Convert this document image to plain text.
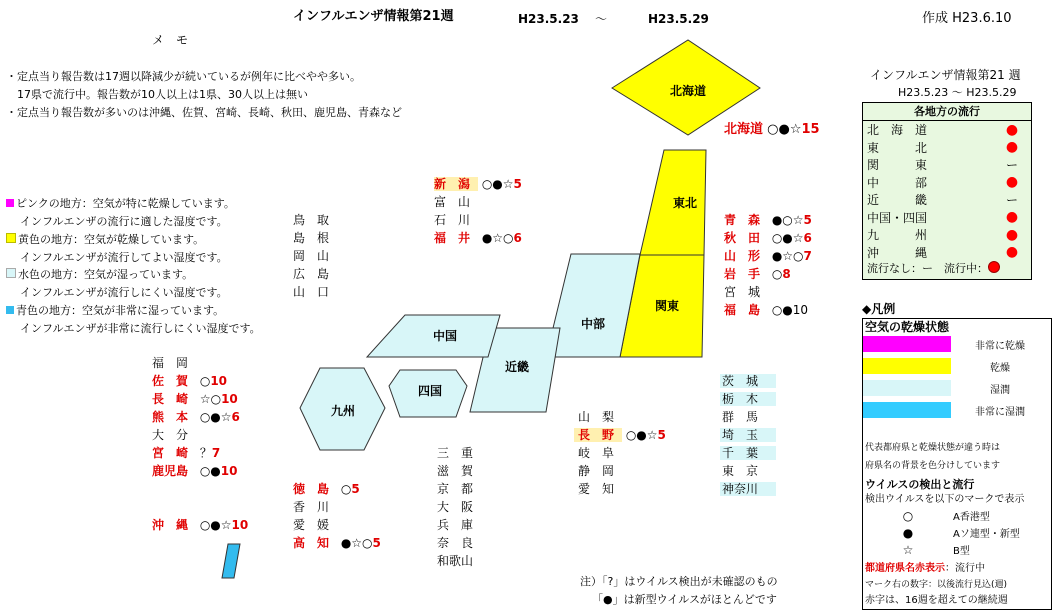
インフルエンザ情報第21週	H23.5.23 ～	H23.5.29	作成 H23.6.10
メ　モ
・定点当り報告数は17週以降減少が続いているが例年に比べやや多い。
　17県で流行中。報告数が10人以上は1県、30人以上は無い
・定点当り報告数が多いのは沖縄、佐賀、宮崎、長崎、秋田、鹿児島、青森など
ピンクの地方：空気が特に乾燥しています。
インフルエンザの流行に適した湿度です。
黄色の地方：空気が乾燥しています。
インフルエンザが流行してよい湿度です。
水色の地方：空気が湿っています。
インフルエンザが流行しにくい湿度です。
青色の地方：空気が非常に湿っています。
インフルエンザが非常に流行しにくい湿度です。
北海道
東北
関東
中部
近畿
中国
四国
九州
北海道 ○●☆15
新　潟 ○●☆5
富　山
石　川
福　井 ●☆○6
鳥　取
島　根
岡　山
広　島
山　口
青　森 ●○☆5
秋　田 ○●☆6
山　形 ●☆○7
岩　手 ○8
宮　城
福　島 ○●10
福　岡
佐　賀 ○10
長　崎 ☆○10
熊　本 ○●☆6
大　分
宮　崎 ？7
鹿児島 ○●10
沖　縄 ○●☆10
徳　島 ○5
香　川
愛　媛
高　知 ●☆○5
三　重
滋　賀
京　都
大　阪
兵　庫
奈　良
和歌山
山　梨
長　野 ○●☆5
岐　阜
静　岡
愛　知
茨　城
栃　木
群　馬
埼　玉
千　葉
東　京
神奈川
注）「?」はウイルス検出が未確認のもの
「●」は新型ウイルスがほとんどです
インフルエンザ情報第21 週
H23.5.23 ～ H23.5.29
各地方の流行
北　海　道	●
東　　　北	●
関　　　東	ー
中　　　部	●
近　　　畿	ー
中国・四国	●
九　　　州	●
沖　　　縄	●
流行なし：ー　流行中：
◆凡例
空気の乾燥状態
非常に乾燥
乾燥
湿潤
非常に湿潤
代表都府県と乾燥状態が違う時は
府県名の背景を色分けしています
ウイルスの検出と流行
検出ウイルスを以下のマークで表示
○	A香港型
●	Aソ連型・新型
☆	B型
都道府県名赤表示：流行中
マーク右の数字：以後流行見込(週)
赤字は、16週を超えての継続週
